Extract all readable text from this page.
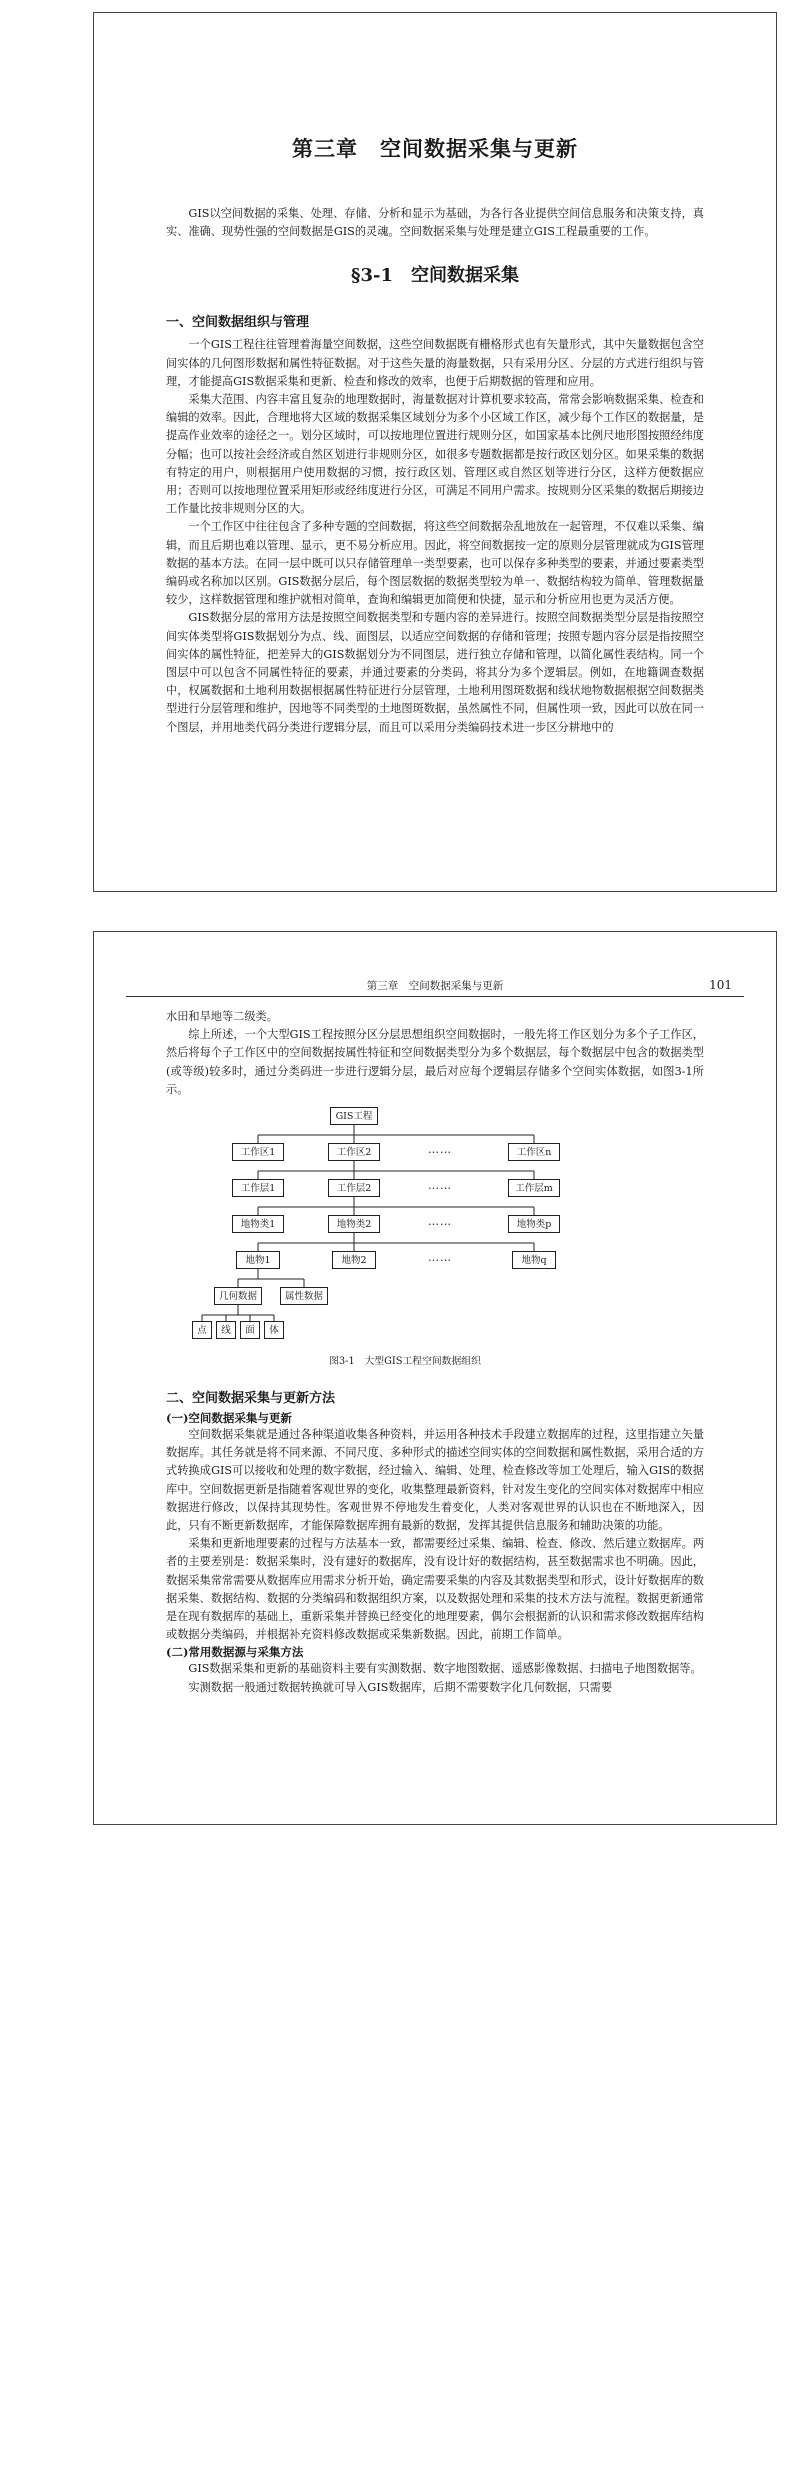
第三章　空间数据采集与更新

GIS以空间数据的采集、处理、存储、分析和显示为基础，为各行各业提供空间信息服务和决策支持，真实、准确、现势性强的空间数据是GIS的灵魂。空间数据采集与处理是建立GIS工程最重要的工作。

§3-1　空间数据采集

一、空间数据组织与管理

一个GIS工程往往管理着海量空间数据，这些空间数据既有栅格形式也有矢量形式，其中矢量数据包含空间实体的几何图形数据和属性特征数据。对于这些矢量的海量数据，只有采用分区、分层的方式进行组织与管理，才能提高GIS数据采集和更新、检查和修改的效率，也便于后期数据的管理和应用。

采集大范围、内容丰富且复杂的地理数据时，海量数据对计算机要求较高，常常会影响数据采集、检查和编辑的效率。因此，合理地将大区域的数据采集区域划分为多个小区域工作区，减少每个工作区的数据量，是提高作业效率的途径之一。划分区域时，可以按地理位置进行规则分区，如国家基本比例尺地形图按照经纬度分幅；也可以按社会经济或自然区划进行非规则分区，如很多专题数据都是按行政区划分区。如果采集的数据有特定的用户，则根据用户使用数据的习惯，按行政区划、管理区或自然区划等进行分区，这样方便数据应用；否则可以按地理位置采用矩形或经纬度进行分区，可满足不同用户需求。按规则分区采集的数据后期接边工作量比按非规则分区的大。

一个工作区中往往包含了多种专题的空间数据，将这些空间数据杂乱地放在一起管理，不仅难以采集、编辑，而且后期也难以管理、显示，更不易分析应用。因此，将空间数据按一定的原则分层管理就成为GIS管理数据的基本方法。在同一层中既可以只存储管理单一类型要素，也可以保存多种类型的要素，并通过要素类型编码或名称加以区别。GIS数据分层后，每个图层数据的数据类型较为单一、数据结构较为简单、管理数据量较少，这样数据管理和维护就相对简单，查询和编辑更加简便和快捷，显示和分析应用也更为灵活方便。

GIS数据分层的常用方法是按照空间数据类型和专题内容的差异进行。按照空间数据类型分层是指按照空间实体类型将GIS数据划分为点、线、面图层，以适应空间数据的存储和管理；按照专题内容分层是指按照空间实体的属性特征，把差异大的GIS数据划分为不同图层，进行独立存储和管理，以简化属性表结构。同一个图层中可以包含不同属性特征的要素，并通过要素的分类码，将其分为多个逻辑层。例如，在地籍调查数据中，权属数据和土地利用数据根据属性特征进行分层管理，土地利用图斑数据和线状地物数据根据空间数据类型进行分层管理和维护，因地等不同类型的土地图斑数据，虽然属性不同，但属性项一致，因此可以放在同一个图层，并用地类代码分类进行逻辑分层，而且可以采用分类编码技术进一步区分耕地中的

第三章　空间数据采集与更新	101

水田和旱地等二级类。

综上所述，一个大型GIS工程按照分区分层思想组织空间数据时，一般先将工作区划分为多个子工作区，然后将每个子工作区中的空间数据按属性特征和空间数据类型分为多个数据层，每个数据层中包含的数据类型(或等级)较多时，通过分类码进一步进行逻辑分层，最后对应每个逻辑层存储多个空间实体数据，如图3-1所示。

GIS工程
工作区1	工作区2	……	工作区n
工作层1	工作层2	……	工作层m
地物类1	地物类2	……	地物类p
地物1	地物2	……	地物q
几何数据	属性数据
点	线	面	体
图3-1　大型GIS工程空间数据组织

二、空间数据采集与更新方法

(一)空间数据采集与更新

空间数据采集就是通过各种渠道收集各种资料，并运用各种技术手段建立数据库的过程，这里指建立矢量数据库。其任务就是将不同来源、不同尺度、多种形式的描述空间实体的空间数据和属性数据，采用合适的方式转换成GIS可以接收和处理的数字数据，经过输入、编辑、处理、检查修改等加工处理后，输入GIS的数据库中。空间数据更新是指随着客观世界的变化，收集整理最新资料，针对发生变化的空间实体对数据库中相应数据进行修改，以保持其现势性。客观世界不停地发生着变化，人类对客观世界的认识也在不断地深入，因此，只有不断更新数据库，才能保障数据库拥有最新的数据，发挥其提供信息服务和辅助决策的功能。

采集和更新地理要素的过程与方法基本一致，都需要经过采集、编辑、检查、修改、然后建立数据库。两者的主要差别是：数据采集时，没有建好的数据库，没有设计好的数据结构，甚至数据需求也不明确。因此，数据采集常常需要从数据库应用需求分析开始，确定需要采集的内容及其数据类型和形式，设计好数据库的数据采集、数据结构、数据的分类编码和数据组织方案，以及数据处理和采集的技术方法与流程。数据更新通常是在现有数据库的基础上，重新采集并替换已经变化的地理要素，偶尔会根据新的认识和需求修改数据库结构或数据分类编码，并根据补充资料修改数据或采集新数据。因此，前期工作简单。

(二)常用数据源与采集方法

GIS数据采集和更新的基础资料主要有实测数据、数字地图数据、遥感影像数据、扫描电子地图数据等。

实测数据一般通过数据转换就可导入GIS数据库，后期不需要数字化几何数据，只需要
